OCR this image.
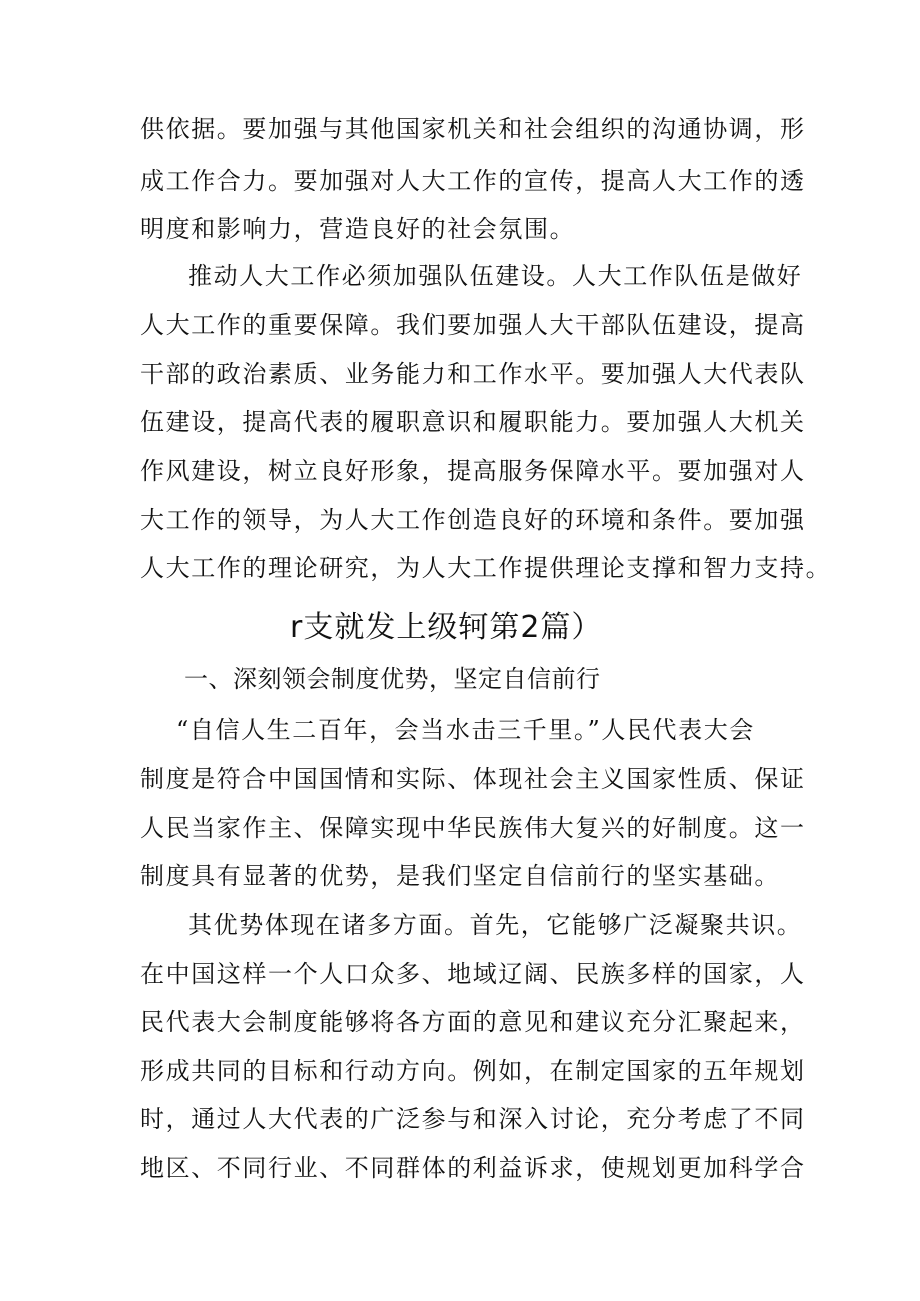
供依据。要加强与其他国家机关和社会组织的沟通协调，形
成工作合力。要加强对人大工作的宣传，提高人大工作的透
明度和影响力，营造良好的社会氛围。
推动人大工作必须加强队伍建设。人大工作队伍是做好
人大工作的重要保障。我们要加强人大干部队伍建设，提高
干部的政治素质、业务能力和工作水平。要加强人大代表队
伍建设，提高代表的履职意识和履职能力。要加强人大机关
作风建设，树立良好形象，提高服务保障水平。要加强对人
大工作的领导，为人大工作创造良好的环境和条件。要加强
人大工作的理论研究，为人大工作提供理论支撑和智力支持。
r支就发上级轲第2篇）
一、深刻领会制度优势，坚定自信前行
“自信人生二百年，会当水击三千里。”人民代表大会
制度是符合中国国情和实际、体现社会主义国家性质、保证
人民当家作主、保障实现中华民族伟大复兴的好制度。这一
制度具有显著的优势，是我们坚定自信前行的坚实基础。
其优势体现在诸多方面。首先，它能够广泛凝聚共识。
在中国这样一个人口众多、地域辽阔、民族多样的国家，人
民代表大会制度能够将各方面的意见和建议充分汇聚起来，
形成共同的目标和行动方向。例如，在制定国家的五年规划
时，通过人大代表的广泛参与和深入讨论，充分考虑了不同
地区、不同行业、不同群体的利益诉求，使规划更加科学合
